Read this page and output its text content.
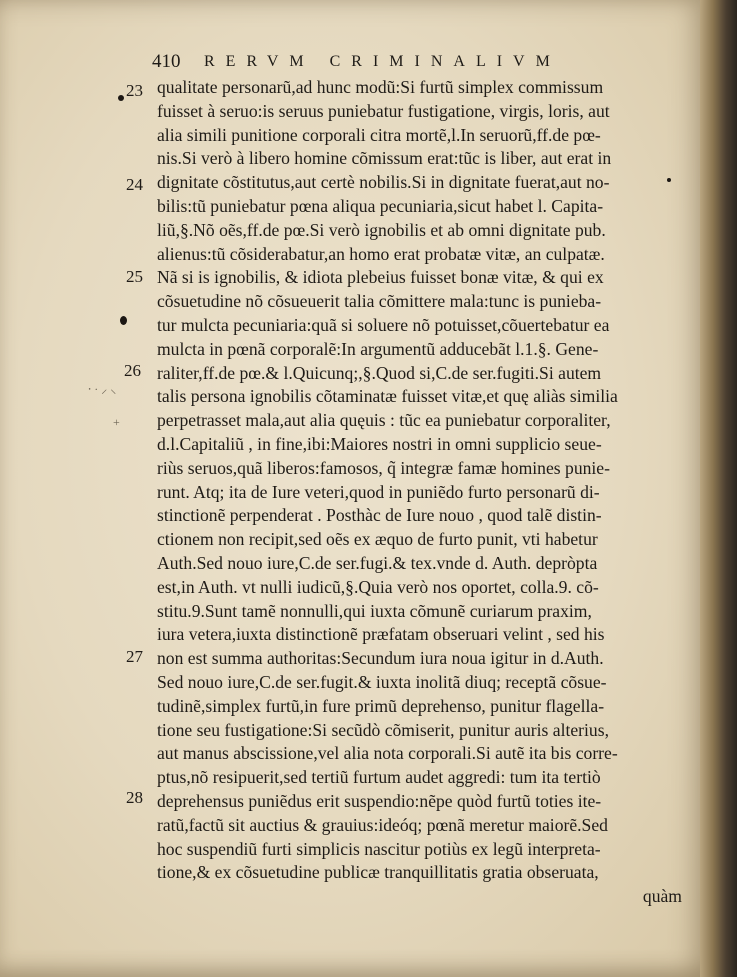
410 RERVM CRIMINALIVM
23
24
25
26
27
28
⸱ · ⸝ ⸜
+
qualitate personarũ,ad hunc modũ:Si furtũ simplex commissum
fuisset à seruo:is seruus puniebatur fustigatione, virgis, loris, aut
alia simili punitione corporali citra mortẽ,l.In seruorũ,ff.de pœ-
nis.Si verò à libero homine cõmissum erat:tũc is liber, aut erat in
dignitate cõstitutus,aut certè nobilis.Si in dignitate fuerat,aut no-
bilis:tũ puniebatur pœna aliqua pecuniaria,sicut habet l. Capita-
liũ,§.Nõ oẽs,ff.de pœ.Si verò ignobilis et ab omni dignitate pub.
alienus:tũ cõsiderabatur,an homo erat probatæ vitæ, an culpatæ.
Nã si is ignobilis, & idiota plebeius fuisset bonæ vitæ, & qui ex
cõsuetudine nõ cõsueuerit talia cõmittere mala:tunc is punieba-
tur mulcta pecuniaria:quã si soluere nõ potuisset,cõuertebatur ea
mulcta in pœnã corporalẽ:In argumentũ adducebãt l.1.§. Gene-
raliter,ff.de pœ.& l.Quicunq;,§.Quod si,C.de ser.fugiti.Si autem
talis persona ignobilis cõtaminatæ fuisset vitæ,et quę aliàs similia
perpetrasset mala,aut alia quęuis : tũc ea puniebatur corporaliter,
d.l.Capitaliũ , in fine,ibi:Maiores nostri in omni supplicio seue-
riùs seruos,quã liberos:famosos, q̃ integræ famæ homines punie-
runt. Atq; ita de Iure veteri,quod in puniẽdo furto personarũ di-
stinctionẽ perpenderat . Posthàc de Iure nouo , quod talẽ distin-
ctionem non recipit,sed oẽs ex æquo de furto punit, vti habetur
Auth.Sed nouo iure,C.de ser.fugi.& tex.vnde d. Auth. depròpta
est,in Auth. vt nulli iudicũ,§.Quia verò nos oportet, colla.9. cõ-
stitu.9.Sunt tamẽ nonnulli,qui iuxta cõmunẽ curiarum praxim,
iura vetera,iuxta distinctionẽ præfatam obseruari velint , sed his
non est summa authoritas:Secundum iura noua igitur in d.Auth.
Sed nouo iure,C.de ser.fugit.& iuxta inolitã diuq; receptã cõsue-
tudinẽ,simplex furtũ,in fure primũ deprehenso, punitur flagella-
tione seu fustigatione:Si secũdò cõmiserit, punitur auris alterius,
aut manus abscissione,vel alia nota corporali.Si autẽ ita bis corre-
ptus,nõ resipuerit,sed tertiũ furtum audet aggredi: tum ita tertiò
deprehensus puniẽdus erit suspendio:nẽpe quòd furtũ toties ite-
ratũ,factũ sit auctius & grauius:ideóq; pœnã meretur maiorẽ.Sed
hoc suspendiũ furti simplicis nascitur potiùs ex legũ interpreta-
tione,& ex cõsuetudine publicæ tranquillitatis gratia obseruata,
quàm
